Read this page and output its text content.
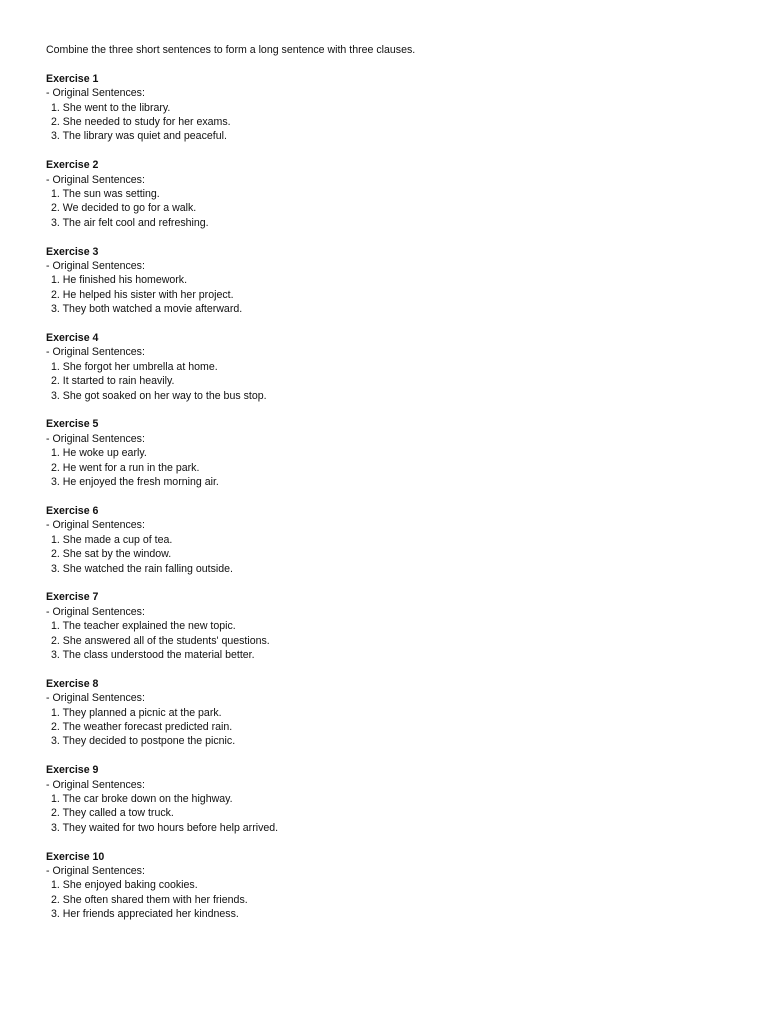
Combine the three short sentences to form a long sentence with three clauses.
Exercise 1
- Original Sentences:
1. She went to the library.
2. She needed to study for her exams.
3. The library was quiet and peaceful.
Exercise 2
- Original Sentences:
1. The sun was setting.
2. We decided to go for a walk.
3. The air felt cool and refreshing.
Exercise 3
- Original Sentences:
1. He finished his homework.
2. He helped his sister with her project.
3. They both watched a movie afterward.
Exercise 4
- Original Sentences:
1. She forgot her umbrella at home.
2. It started to rain heavily.
3. She got soaked on her way to the bus stop.
Exercise 5
- Original Sentences:
1. He woke up early.
2. He went for a run in the park.
3. He enjoyed the fresh morning air.
Exercise 6
- Original Sentences:
1. She made a cup of tea.
2. She sat by the window.
3. She watched the rain falling outside.
Exercise 7
- Original Sentences:
1. The teacher explained the new topic.
2. She answered all of the students' questions.
3. The class understood the material better.
Exercise 8
- Original Sentences:
1. They planned a picnic at the park.
2. The weather forecast predicted rain.
3. They decided to postpone the picnic.
Exercise 9
- Original Sentences:
1. The car broke down on the highway.
2. They called a tow truck.
3. They waited for two hours before help arrived.
Exercise 10
- Original Sentences:
1. She enjoyed baking cookies.
2. She often shared them with her friends.
3. Her friends appreciated her kindness.
